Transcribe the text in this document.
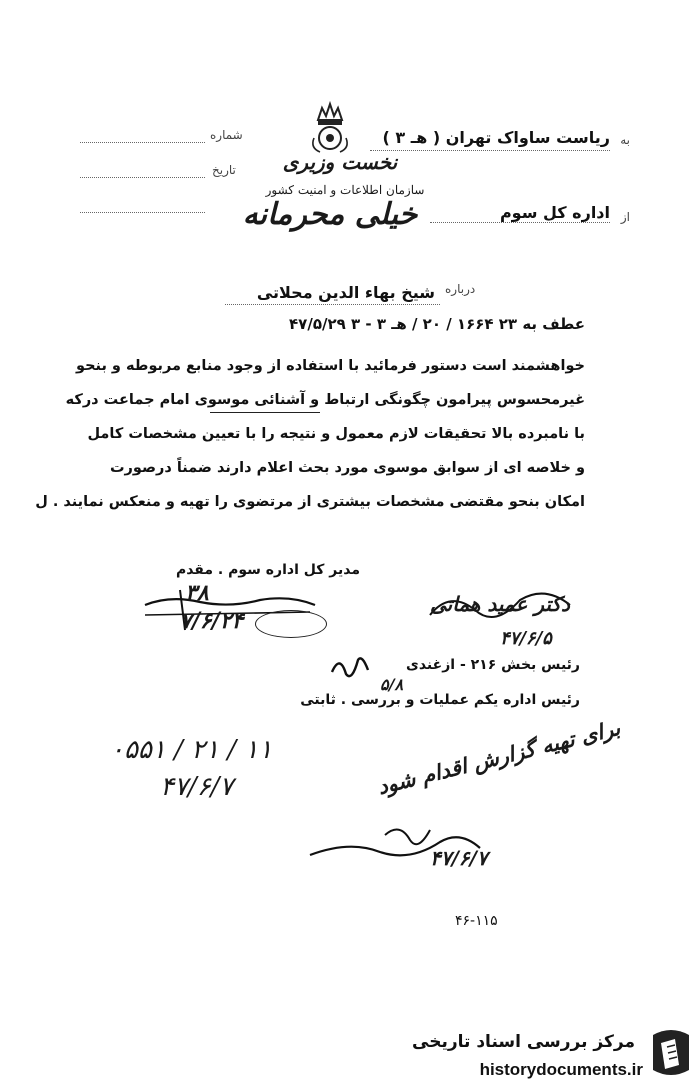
نخست وزیری
سازمان اطلاعات و امنیت کشور
خیلی محرمانه
به
ریاست ساواک تهران ( هـ ۳ )
شماره
تاریخ
از
اداره کل سوم
درباره
شیخ بهاء الدین محلاتی
عطف به ۲۳ ۱۶۶۴ / ۲۰ / هـ ۳ - ۳ ۴۷/۵/۲۹
خواهشمند است دستور فرمائید با استفاده از وجود منابع مربوطه و بنحو
غیرمحسوس پیرامون چگونگی ارتباط و آشنائی موسوی امام جماعت درکه
با نامبرده بالا تحقیقات لازم معمول و نتیجه را با تعیین مشخصات کامل
و خلاصه ای از سوابق موسوی مورد بحث اعلام دارند ضمناً درصورت
امکان بنحو مقتضی مشخصات بیشتری از مرتضوی را تهیه و منعکس نمایند . ل
مدیر کل اداره سوم . مقدم
۳۸
۷/۶/۲۴
دکتر عمید هماتی
۴۷/۶/۵
رئیس بخش ۲۱۶ - ازغندی
رئیس اداره یکم عملیات و بررسی . ثابتی
۵/۸
۰۵۵۱ / ۲۱ / ۱۱
۴۷/۶/۷	برای تهیه گزارش اقدام شود
۴۷/۶/۷
۴۶-۱۱۵
مرکز بررسی اسناد تاریخی
historydocuments.ir
